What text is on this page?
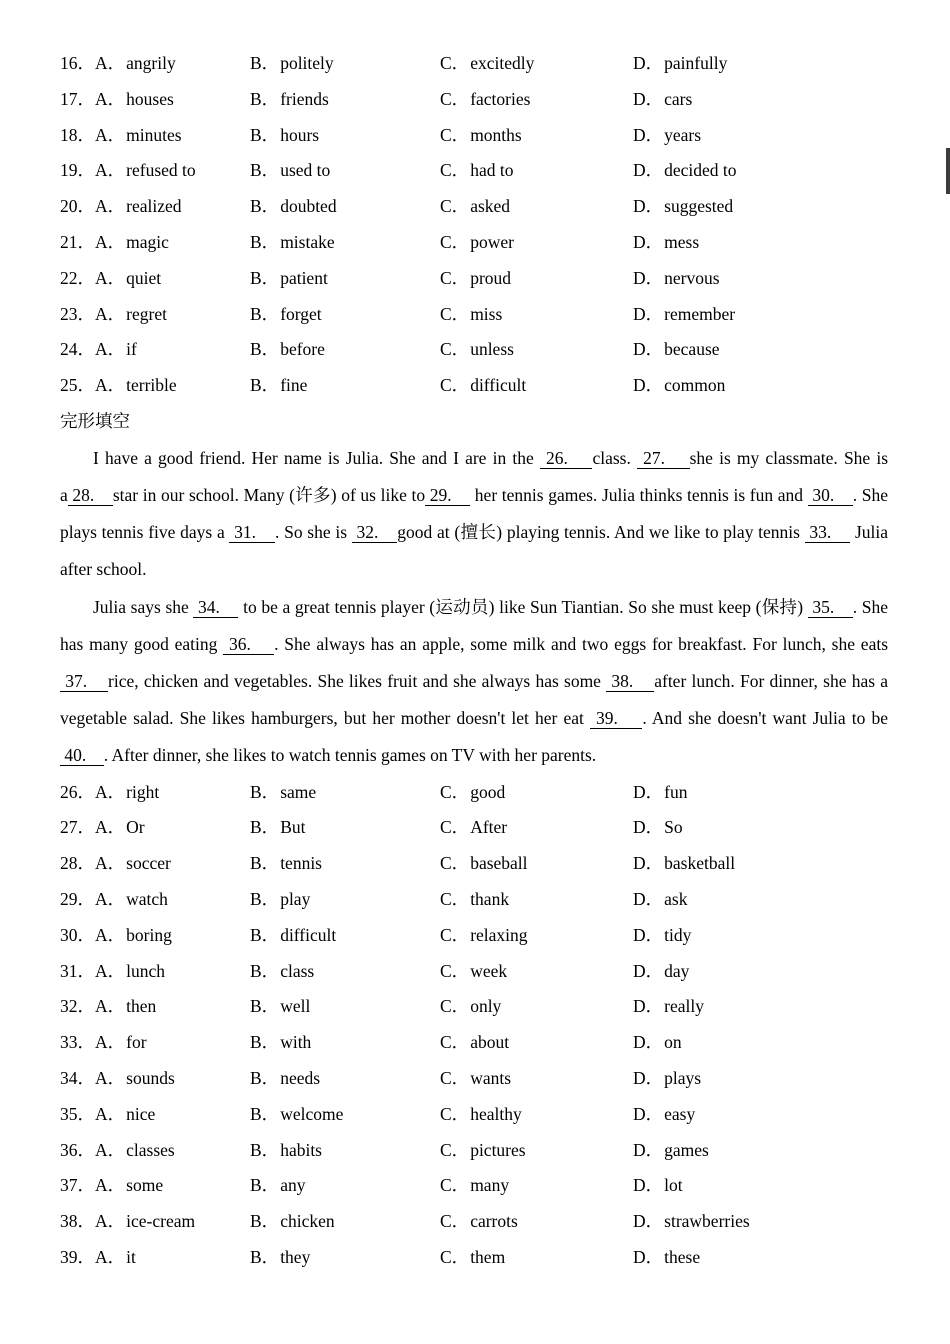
16． A．angrily	B．politely	C．excitedly	D．painfully
17． A．houses	B．friends	C．factories	D．cars
18． A．minutes	B．hours	C．months	D．years
19． A．refused to	B．used to	C．had to	D．decided to
20． A．realized	B．doubted	C．asked	D．suggested
21． A．magic	B．mistake	C．power	D．mess
22． A．quiet	B．patient	C．proud	D．nervous
23． A．regret	B．forget	C．miss	D．remember
24． A．if	B．before	C．unless	D．because
25． A．terrible	B．fine	C．difficult	D．common
完形填空

I have a good friend. Her name is Julia. She and I are in the  26.    class.  27.    she is my classmate. She is a 28.    star in our school. Many (许多) of us like to 29.     her tennis games. Julia thinks tennis is fun and  30.    . She plays tennis five days a  31.    . So she is  32.    good at (擅长) playing tennis. And we like to play tennis  33.     Julia after school.

Julia says she  34.     to be a great tennis player (运动员) like Sun Tiantian. So she must keep (保持)  35.    . She has many good eating  36.    . She always has an apple, some milk and two eggs for breakfast. For lunch, she eats  37.    rice, chicken and vegetables. She likes fruit and she always has some  38.    after lunch. For dinner, she has a vegetable salad. She likes hamburgers, but her mother doesn't let her eat  39.    . And she doesn't want Julia to be  40.    . After dinner, she likes to watch tennis games on TV with her parents.

26． A．right	B．same	C．good	D．fun
27． A．Or	B．But	C．After	D．So
28． A．soccer	B．tennis	C．baseball	D．basketball
29． A．watch	B．play	C．thank	D．ask
30． A．boring	B．difficult	C．relaxing	D．tidy
31． A．lunch	B．class	C．week	D．day
32． A．then	B．well	C．only	D．really
33． A．for	B．with	C．about	D．on
34． A．sounds	B．needs	C．wants	D．plays
35． A．nice	B．welcome	C．healthy	D．easy
36． A．classes	B．habits	C．pictures	D．games
37． A．some	B．any	C．many	D．lot
38． A．ice-cream	B．chicken	C．carrots	D．strawberries
39． A．it	B．they	C．them	D．these
